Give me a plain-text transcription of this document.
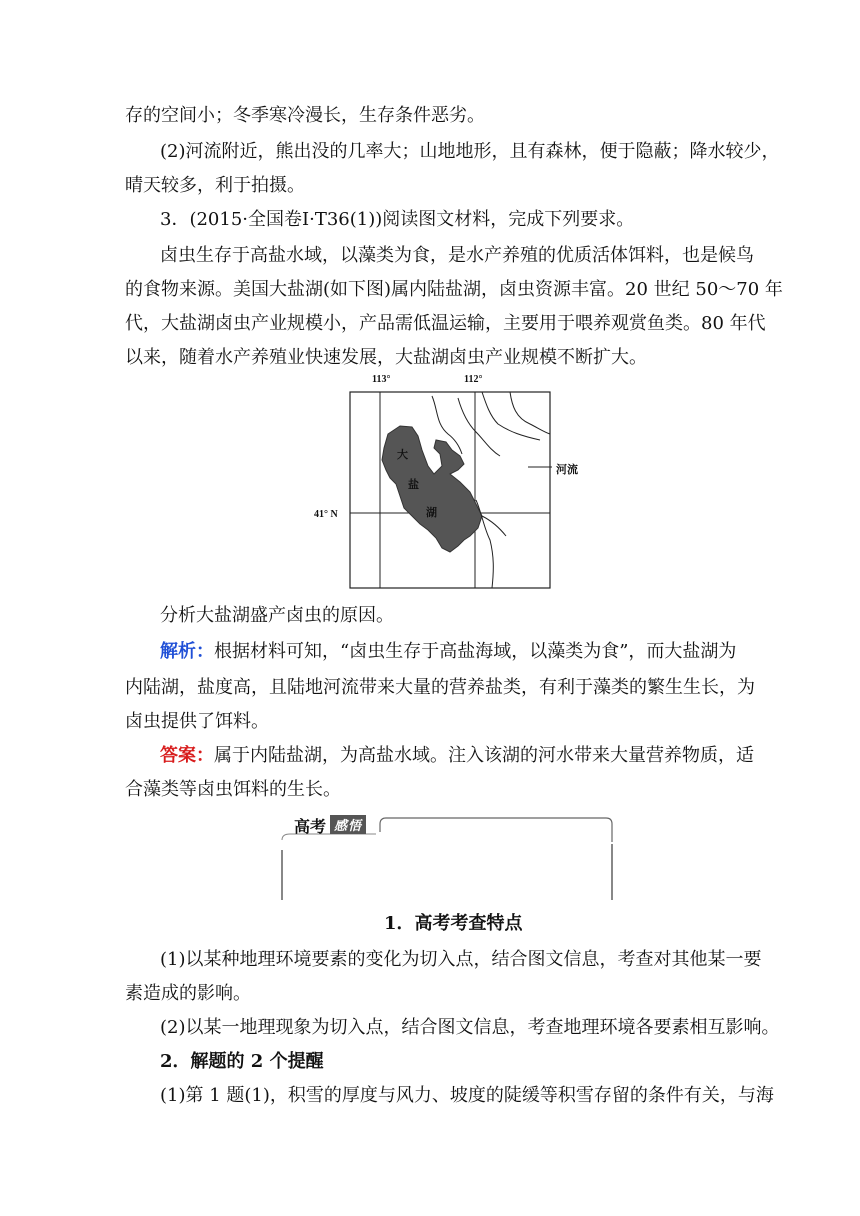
存的空间小；冬季寒冷漫长，生存条件恶劣。
(2)河流附近，熊出没的几率大；山地地形，且有森林，便于隐蔽；降水较少，
晴天较多，利于拍摄。
3．(2015·全国卷Ⅰ·T36(1))阅读图文材料，完成下列要求。
卤虫生存于高盐水域，以藻类为食，是水产养殖的优质活体饵料，也是候鸟
的食物来源。美国大盐湖(如下图)属内陆盐湖，卤虫资源丰富。20 世纪 50～70 年
代，大盐湖卤虫产业规模小，产品需低温运输，主要用于喂养观赏鱼类。80 年代
以来，随着水产养殖业快速发展，大盐湖卤虫产业规模不断扩大。
113°	112°
41° N
河流
大
盐
湖
分析大盐湖盛产卤虫的原因。
解析：根据材料可知，“卤虫生存于高盐海域，以藻类为食”，而大盐湖为
内陆湖，盐度高，且陆地河流带来大量的营养盐类，有利于藻类的繁生生长，为
卤虫提供了饵料。
答案：属于内陆盐湖，为高盐水域。注入该湖的河水带来大量营养物质，适
合藻类等卤虫饵料的生长。
高考 感悟
1．高考考查特点
(1)以某种地理环境要素的变化为切入点，结合图文信息，考查对其他某一要
素造成的影响。
(2)以某一地理现象为切入点，结合图文信息，考查地理环境各要素相互影响。
2．解题的 2 个提醒
(1)第 1 题(1)，积雪的厚度与风力、坡度的陡缓等积雪存留的条件有关，与海
